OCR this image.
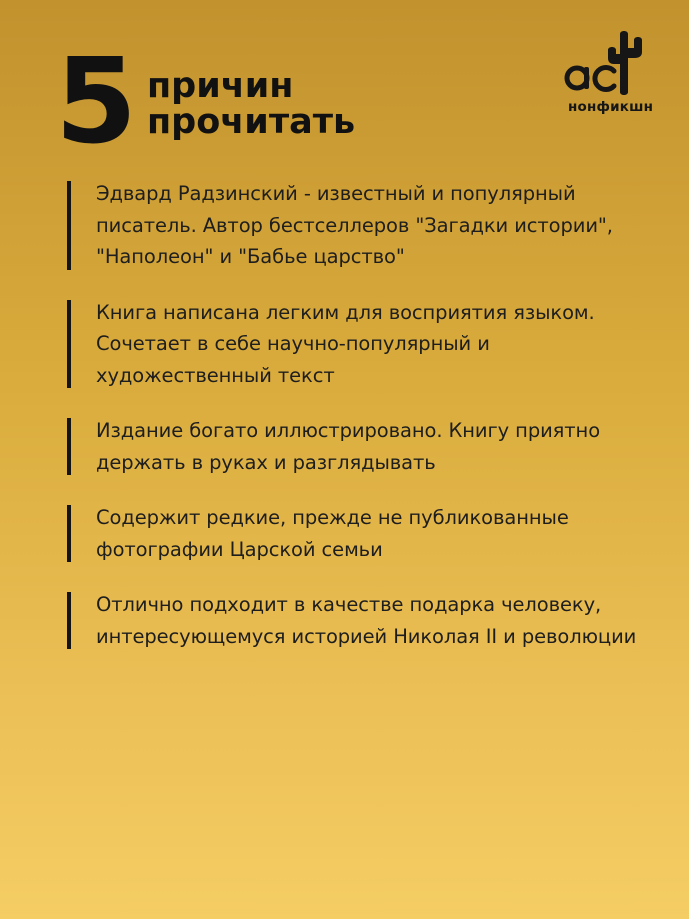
5 причин
прочитать	нонфикшн

Эдвард Радзинский - известный и популярный писатель. Автор бестселлеров "Загадки истории", "Наполеон" и "Бабье царство"

Книга написана легким для восприятия языком. Сочетает в себе научно-популярный и художественный текст

Издание богато иллюстрировано. Книгу приятно держать в руках и разглядывать

Содержит редкие, прежде не публикованные фотографии Царской семьи

Отлично подходит в качестве подарка человеку, интересующемуся историей Николая II и революции
